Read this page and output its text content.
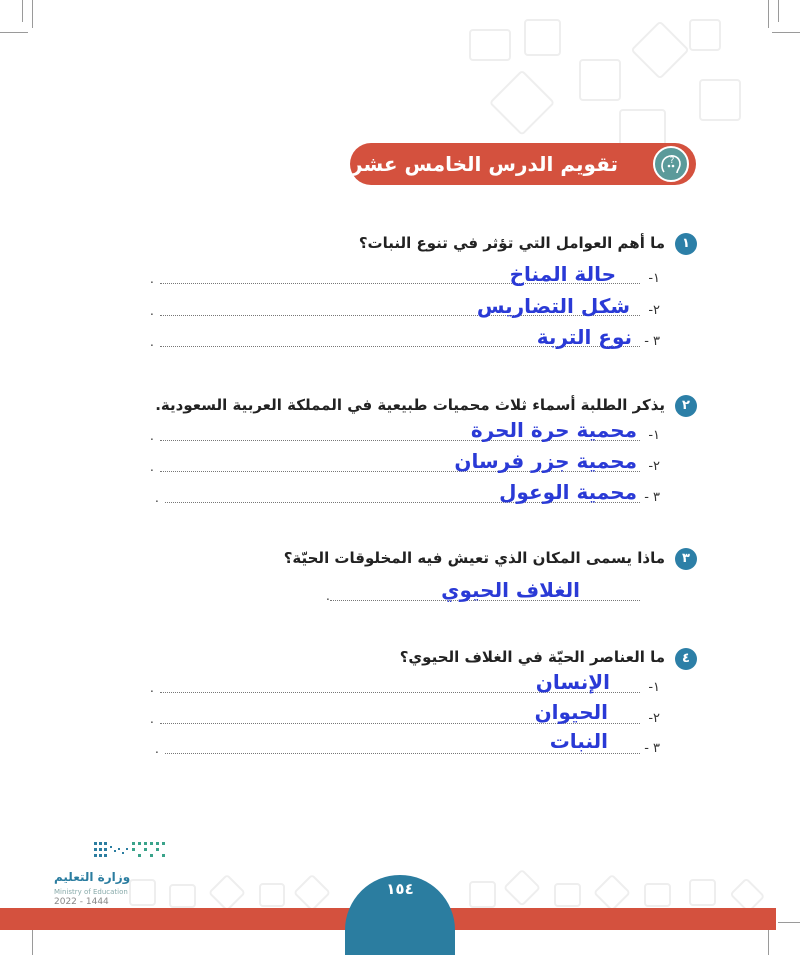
تقويم الدرس الخامس عشر	?
١
ما أهم العوامل التي تؤثر في تنوع النبات؟
١-
حالة المناخ
.
٢-
شكل التضاريس
.
٣ -
نوع التربة
.
٢
يذكر الطلبة أسماء ثلاث محميات طبيعية في المملكة العربية السعودية.
١-
محمية حرة الحرة
.
٢-
محمية جزر فرسان
.
٣ -
محمية الوعول
.
٣
ماذا يسمى المكان الذي تعيش فيه المخلوقات الحيّة؟
الغلاف الحيوي
.
٤
ما العناصر الحيّة في الغلاف الحيوي؟
١-
الإنسان
.
٢-
الحيوان
.
٣ -
النبات
.
١٥٤
وزارة التعليم
Ministry of Education
2022 - 1444
